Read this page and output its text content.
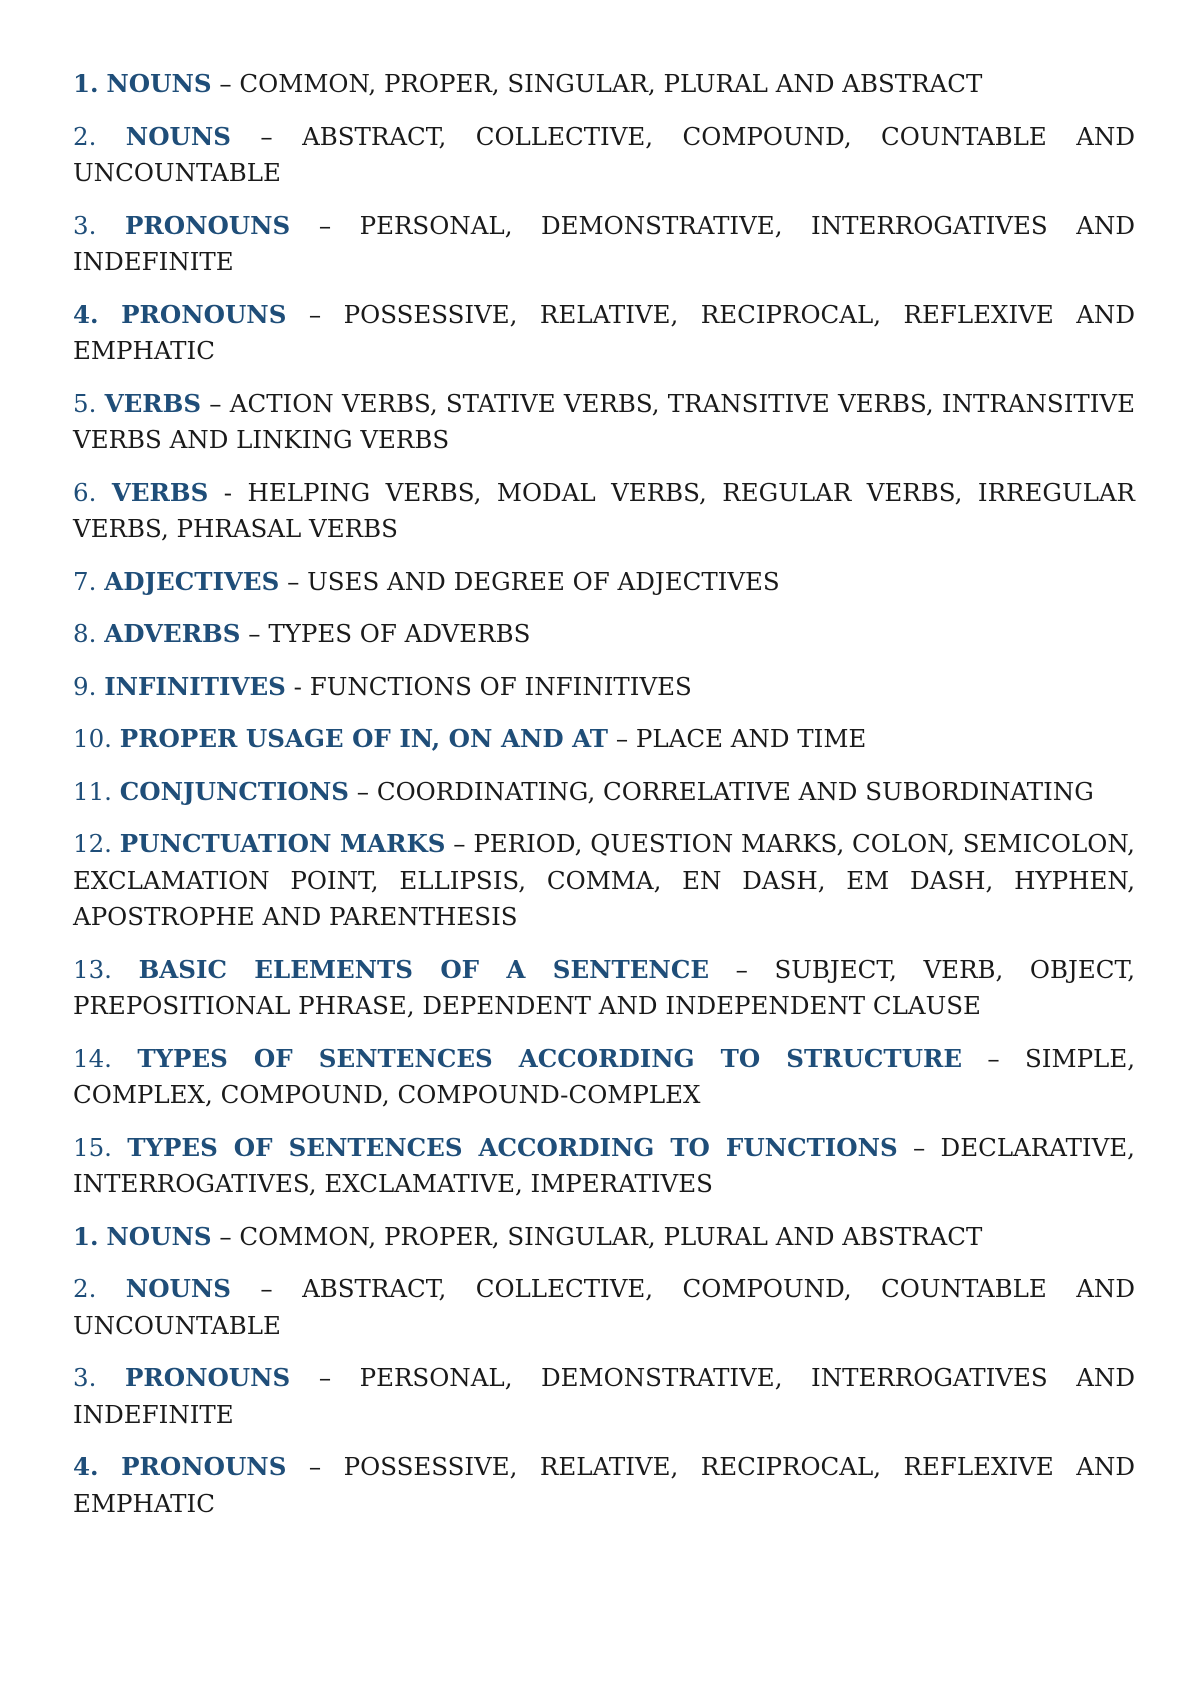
1. NOUNS – COMMON, PROPER, SINGULAR, PLURAL AND ABSTRACT

2. NOUNS – ABSTRACT, COLLECTIVE, COMPOUND, COUNTABLE AND UNCOUNTABLE

3. PRONOUNS – PERSONAL, DEMONSTRATIVE, INTERROGATIVES AND INDEFINITE

4. PRONOUNS – POSSESSIVE, RELATIVE, RECIPROCAL, REFLEXIVE AND EMPHATIC

5. VERBS – ACTION VERBS, STATIVE VERBS, TRANSITIVE VERBS, INTRANSITIVE VERBS AND LINKING VERBS

6. VERBS - HELPING VERBS, MODAL VERBS, REGULAR VERBS, IRREGULAR VERBS, PHRASAL VERBS

7. ADJECTIVES – USES AND DEGREE OF ADJECTIVES

8. ADVERBS – TYPES OF ADVERBS

9. INFINITIVES - FUNCTIONS OF INFINITIVES

10. PROPER USAGE OF IN, ON AND AT – PLACE AND TIME

11. CONJUNCTIONS – COORDINATING, CORRELATIVE AND SUBORDINATING

12. PUNCTUATION MARKS – PERIOD, QUESTION MARKS, COLON, SEMICOLON, EXCLAMATION POINT, ELLIPSIS, COMMA, EN DASH, EM DASH, HYPHEN, APOSTROPHE AND PARENTHESIS

13. BASIC ELEMENTS OF A SENTENCE – SUBJECT, VERB, OBJECT, PREPOSITIONAL PHRASE, DEPENDENT AND INDEPENDENT CLAUSE

14. TYPES OF SENTENCES ACCORDING TO STRUCTURE – SIMPLE, COMPLEX, COMPOUND, COMPOUND-COMPLEX

15. TYPES OF SENTENCES ACCORDING TO FUNCTIONS – DECLARATIVE, INTERROGATIVES, EXCLAMATIVE, IMPERATIVES

1. NOUNS – COMMON, PROPER, SINGULAR, PLURAL AND ABSTRACT

2. NOUNS – ABSTRACT, COLLECTIVE, COMPOUND, COUNTABLE AND UNCOUNTABLE

3. PRONOUNS – PERSONAL, DEMONSTRATIVE, INTERROGATIVES AND INDEFINITE

4. PRONOUNS – POSSESSIVE, RELATIVE, RECIPROCAL, REFLEXIVE AND EMPHATIC
